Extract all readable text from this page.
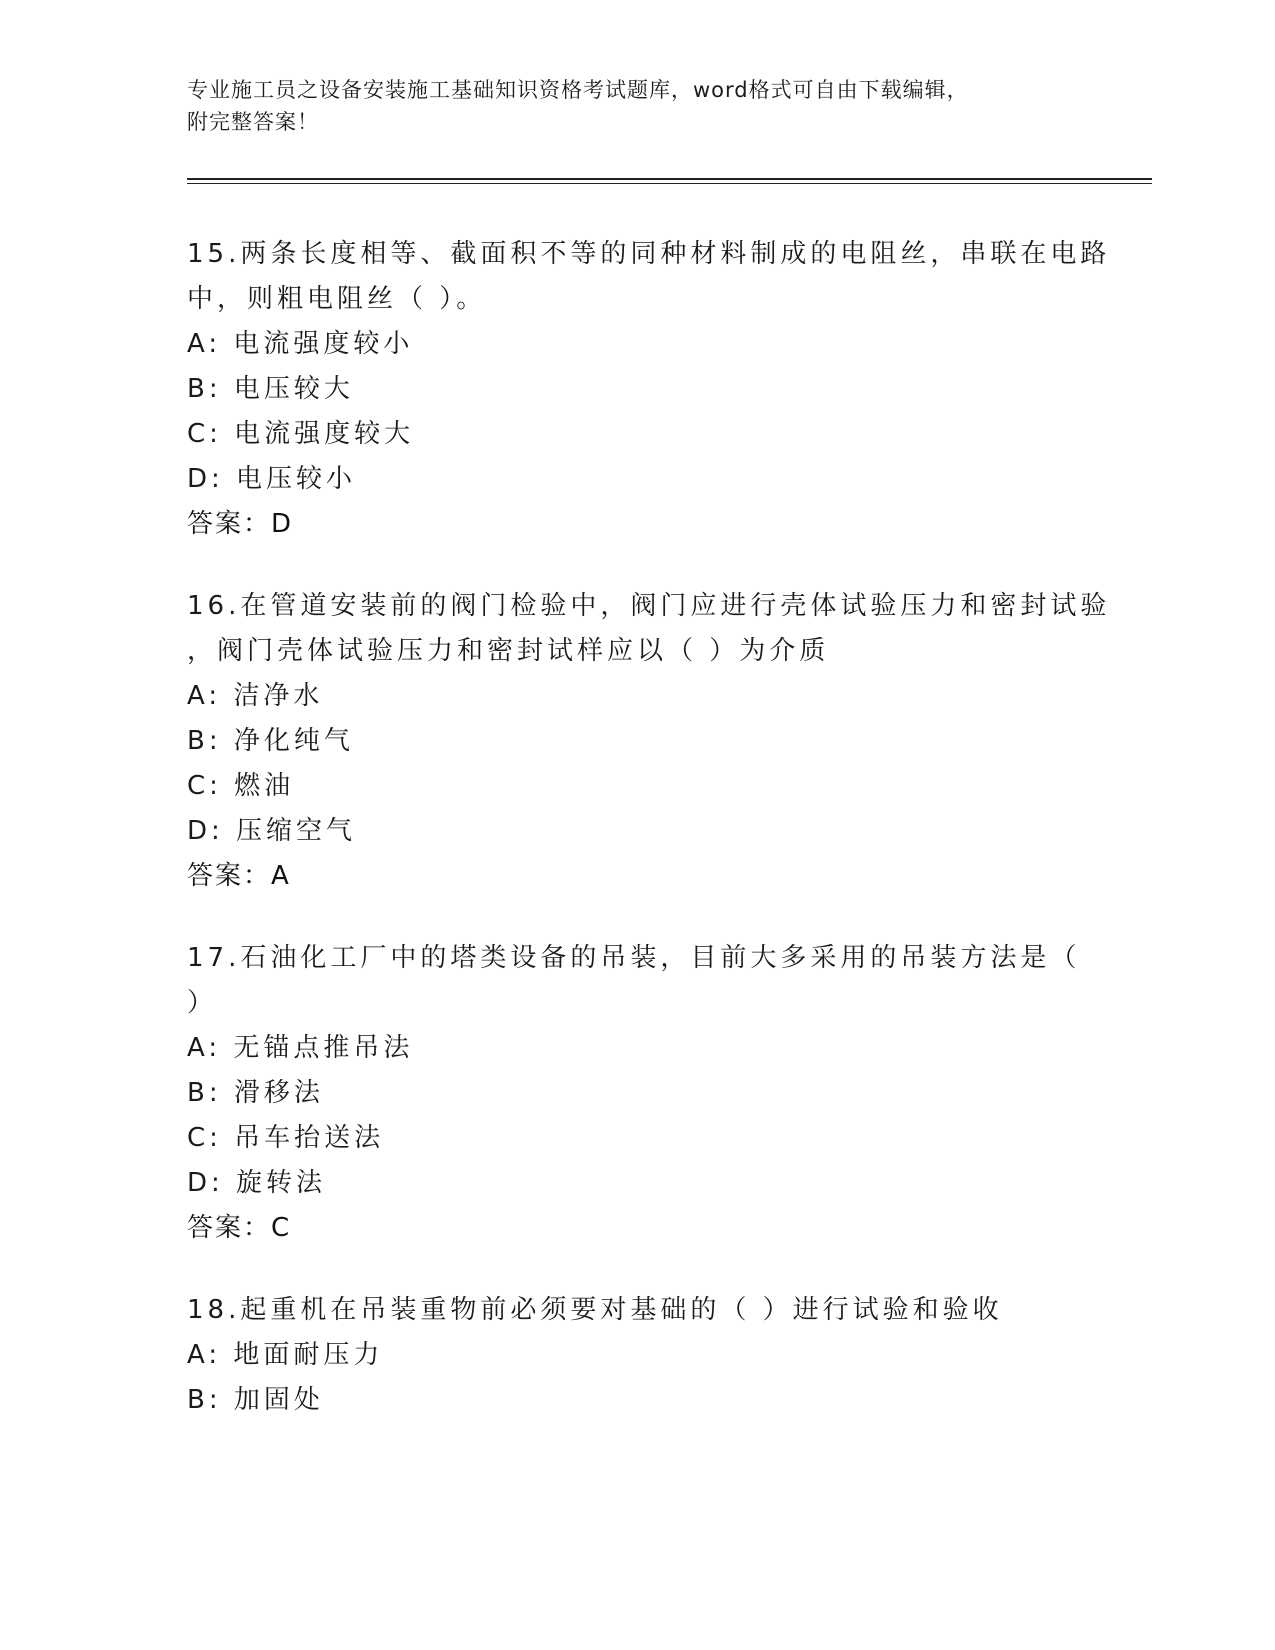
专业施工员之设备安装施工基础知识资格考试题库，word格式可自由下载编辑，
附完整答案！
15.两条长度相等、截面积不等的同种材料制成的电阻丝，串联在电路
中，则粗电阻丝（ ）。
A: 电流强度较小
B: 电压较大
C: 电流强度较大
D: 电压较小
答案：D
16.在管道安装前的阀门检验中，阀门应进行壳体试验压力和密封试验
，阀门壳体试验压力和密封试样应以（ ）为介质
A: 洁净水
B: 净化纯气
C: 燃油
D: 压缩空气
答案：A
17.石油化工厂中的塔类设备的吊装，目前大多采用的吊装方法是（
）
A: 无锚点推吊法
B: 滑移法
C: 吊车抬送法
D: 旋转法
答案：C
18.起重机在吊装重物前必须要对基础的（ ）进行试验和验收
A: 地面耐压力
B: 加固处
